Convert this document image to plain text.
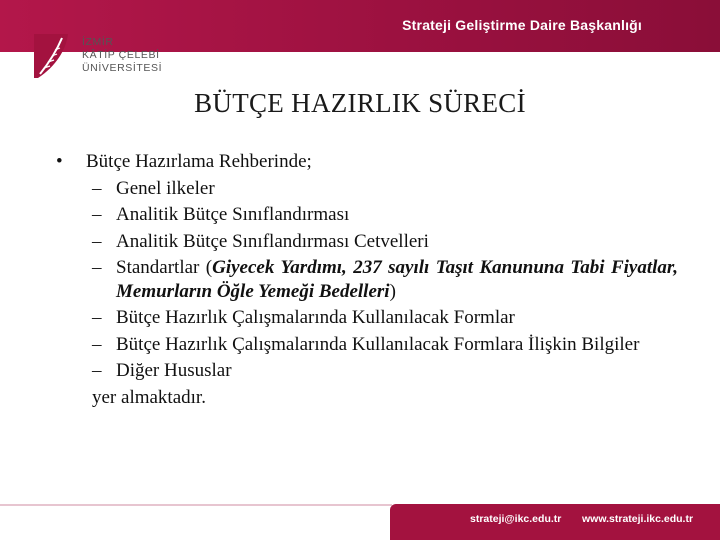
Strateji Geliştirme Daire Başkanlığı
İZMİR
KÂTİP ÇELEBİ
ÜNİVERSİTESİ
BÜTÇE HAZIRLIK SÜRECİ
• Bütçe Hazırlama Rehberinde;
– Genel ilkeler
– Analitik Bütçe Sınıflandırması
– Analitik Bütçe Sınıflandırması Cetvelleri
– Standartlar (Giyecek Yardımı, 237 sayılı Taşıt Kanununa Tabi Fiyatlar, Memurların Öğle Yemeği Bedelleri)
– Bütçe Hazırlık Çalışmalarında Kullanılacak Formlar
– Bütçe Hazırlık Çalışmalarında Kullanılacak Formlara İlişkin Bilgiler
– Diğer Hususlar
yer almaktadır.
strateji@ikc.edu.tr www.strateji.ikc.edu.tr
